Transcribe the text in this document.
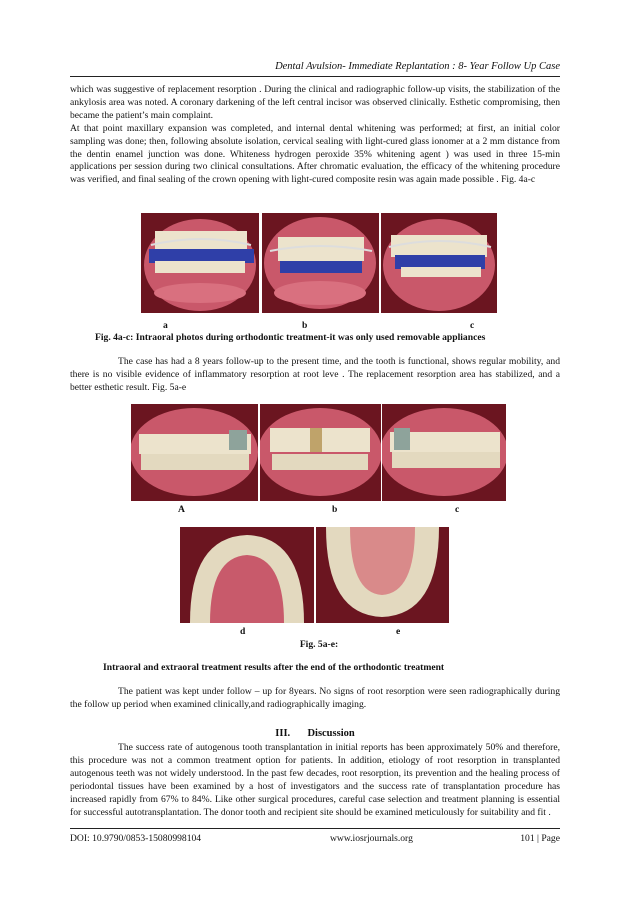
Dental Avulsion- Immediate Replantation : 8- Year Follow Up Case
which was suggestive of replacement resorption . During the clinical and radiographic follow-up visits, the stabilization of the ankylosis area was noted. A coronary darkening of the left central incisor was observed clinically. Esthetic compromising, then became the patient’s main complaint.
At that point maxillary expansion was completed, and internal dental whitening was performed; at first, an initial color sampling was done; then, following absolute isolation, cervical sealing with light-cured glass ionomer at a 2 mm distance from the dentin enamel junction was done. Whiteness hydrogen peroxide 35% whitening agent ) was used in three 15-min applications per session during two clinical consultations. After chromatic evaluation, the efficacy of the whitening procedure was verified, and final sealing of the crown opening with light-cured composite resin was again made possible . Fig. 4a-c
a	b	c
Fig. 4a-c: Intraoral photos during orthodontic treatment-it was only used removable appliances
The case has had a 8 years follow-up to the present time, and the tooth is functional, shows regular mobility, and there is no visible evidence of inflammatory resorption at root leve . The replacement resorption area has stabilized, and a better esthetic result. Fig. 5a-e
A	b	c
d	e
Fig. 5a-e:
Intraoral and extraoral treatment results after the end of the orthodontic treatment
The patient was kept under follow – up for 8years. No signs of root resorption were seen radiographically during the follow up period when examined clinically,and radiographically imaging.
III. Discussion
The success rate of autogenous tooth transplantation in initial reports has been approximately 50% and therefore, this procedure was not a common treatment option for patients. In addition, etiology of root resorption in transplanted autogenous teeth was not widely understood. In the past few decades, root resorption, its prevention and the healing process of periodontal tissues have been examined by a host of investigators and the success rate of transplantation procedure has increased rapidly from 67% to 84%. Like other surgical procedures, careful case selection and treatment planning is essential for successful autotransplantation. The donor tooth and recipient site should be examined meticulously for suitability and fit .
DOI: 10.9790/0853-15080998104	www.iosrjournals.org	101 | Page
